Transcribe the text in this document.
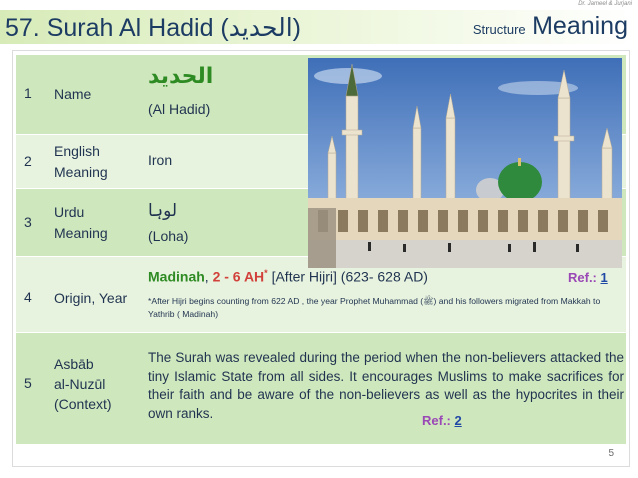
Dr. Jameel & Jurjani
57. Surah Al Hadid (الحديد)	Structure Meaning
1 Name
الحديد
(Al Hadid)
2
English
Meaning
Iron
3
Urdu
Meaning
لوہا
(Loha)
4 Origin, Year
Madinah, 2 - 6 AH* [After Hijri] (623- 628 AD)
*After Hijri begins counting from 622 AD , the year Prophet Muhammad (ﷺ) and his followers migrated from Makkah to Yathrib ( Madinah)
Ref.: 1
5
Asbāb
al-Nuzūl
(Context)
The Surah was revealed during the period when the non-believers attacked the tiny Islamic State from all sides. It encourages Muslims to make sacrifices for their faith and be aware of the non-believers as well as the hypocrites in their own ranks.	Ref.: 2
5
